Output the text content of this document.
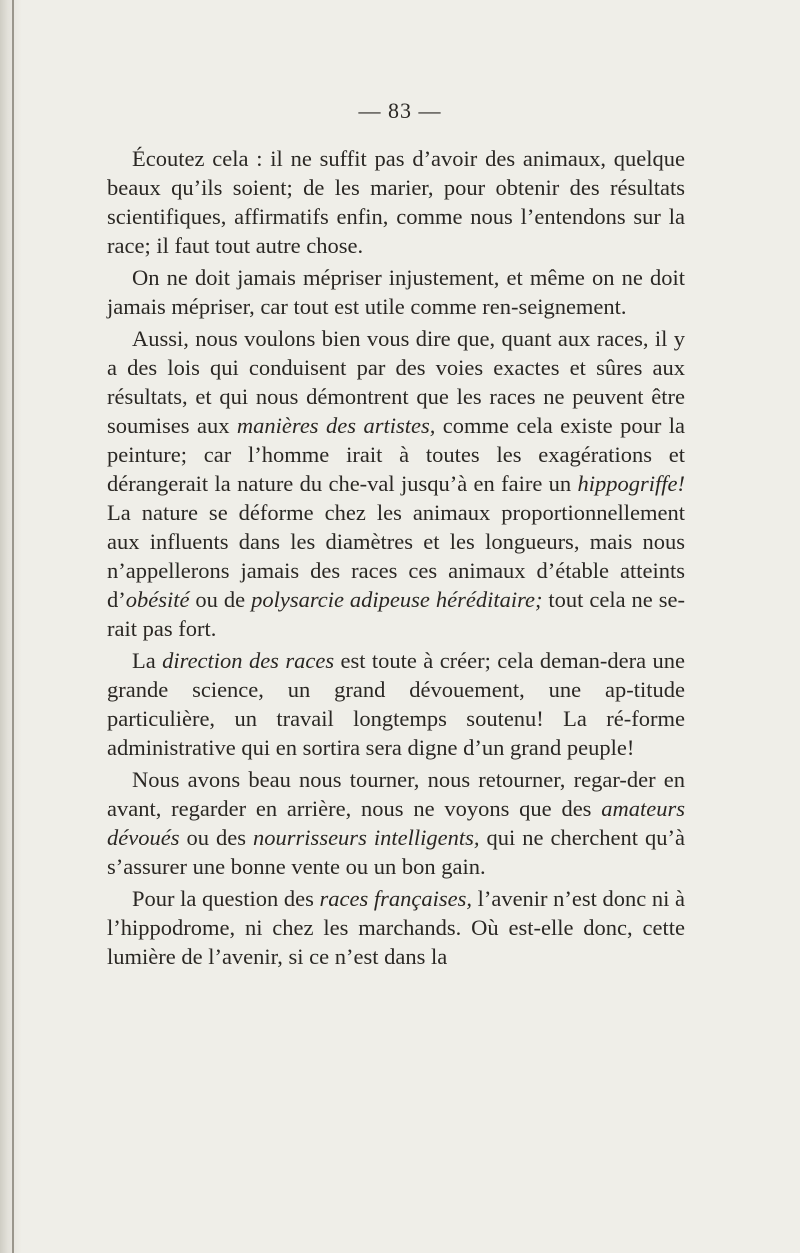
— 83 —

Écoutez cela : il ne suffit pas d’avoir des animaux, quelque beaux qu’ils soient; de les marier, pour obtenir des résultats scientifiques, affirmatifs enfin, comme nous l’entendons sur la race; il faut tout autre chose.

On ne doit jamais mépriser injustement, et même on ne doit jamais mépriser, car tout est utile comme ren-seignement.

Aussi, nous voulons bien vous dire que, quant aux races, il y a des lois qui conduisent par des voies exactes et sûres aux résultats, et qui nous démontrent que les races ne peuvent être soumises aux manières des artistes, comme cela existe pour la peinture; car l’homme irait à toutes les exagérations et dérangerait la nature du che-val jusqu’à en faire un hippogriffe! La nature se déforme chez les animaux proportionnellement aux influents dans les diamètres et les longueurs, mais nous n’appellerons jamais des races ces animaux d’étable atteints d’obésité ou de polysarcie adipeuse héréditaire; tout cela ne se-rait pas fort.

La direction des races est toute à créer; cela deman-dera une grande science, un grand dévouement, une ap-titude particulière, un travail longtemps soutenu! La ré-forme administrative qui en sortira sera digne d’un grand peuple!

Nous avons beau nous tourner, nous retourner, regar-der en avant, regarder en arrière, nous ne voyons que des amateurs dévoués ou des nourrisseurs intelligents, qui ne cherchent qu’à s’assurer une bonne vente ou un bon gain.

Pour la question des races françaises, l’avenir n’est donc ni à l’hippodrome, ni chez les marchands. Où est-elle donc, cette lumière de l’avenir, si ce n’est dans la
